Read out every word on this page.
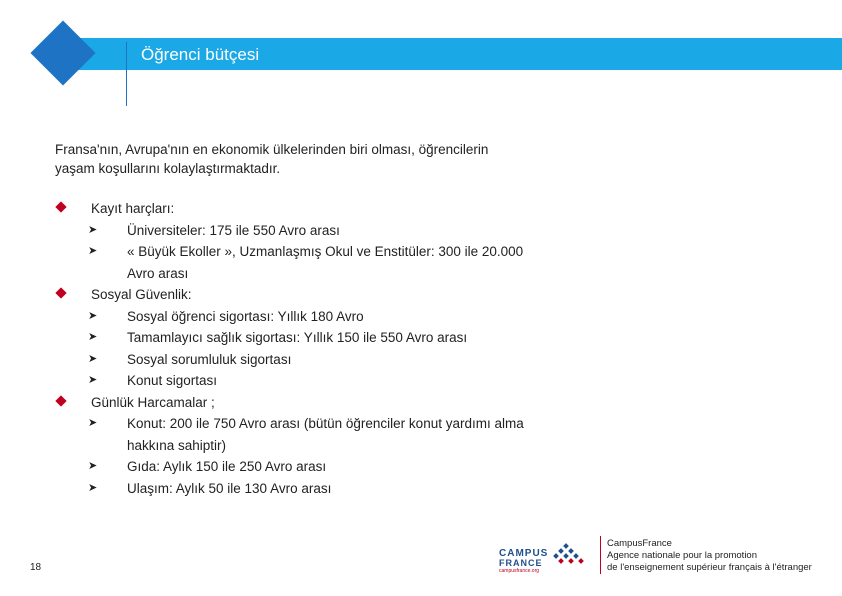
Öğrenci bütçesi
Fransa'nın, Avrupa'nın en ekonomik ülkelerinden biri olması, öğrencilerin
yaşam koşullarını kolaylaştırmaktadır.
Kayıt harçları:
➤ Üniversiteler: 175 ile 550 Avro arası
➤ « Büyük Ekoller », Uzmanlaşmış Okul ve Enstitüler: 300 ile 20.000
Avro arası
Sosyal Güvenlik:
➤ Sosyal öğrenci sigortası: Yıllık 180 Avro
➤ Tamamlayıcı sağlık sigortası: Yıllık 150 ile 550 Avro arası
➤ Sosyal sorumluluk sigortası
➤ Konut sigortası
Günlük Harcamalar ;
➤ Konut: 200 ile 750 Avro arası (bütün öğrenciler konut yardımı alma
hakkına sahiptir)
➤ Gıda: Aylık 150 ile 250 Avro arası
➤ Ulaşım: Aylık 50 ile 130 Avro arası
18
CAMPUS
FRANCE
campusfrance.org
CampusFrance
Agence nationale pour la promotion
de l'enseignement supérieur français à l'étranger
